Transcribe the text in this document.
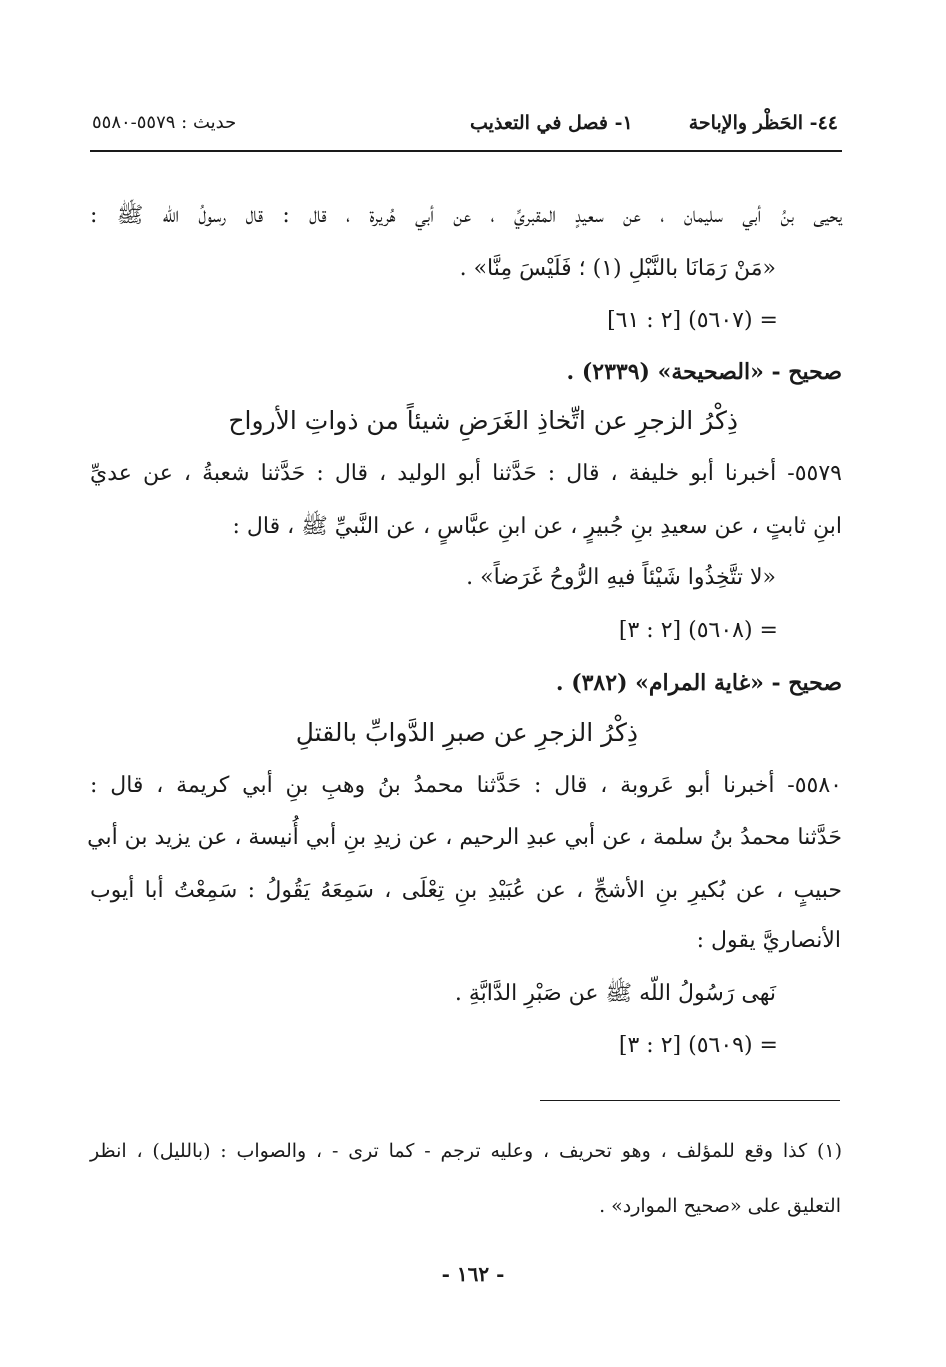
٤٤- الحَظْر والإباحة
١- فصل في التعذيب
حديث : ٥٥٧٩-٥٥٨٠
يحيى بنُ أبي سليمان ، عن سعيدٍ المقبريِّ ، عن أبي هُريرة ، قال : قال رسولُ اللّه ﷺ :
«مَنْ رَمَانَا بالنَّبْلِ (١) ؛ فَلَيْسَ مِنَّا» .
= (٥٦٠٧) [٢ : ٦١]
صحيح - «الصحيحة» (٢٣٣٩) .
ذِكْرُ الزجرِ عن اتِّخاذِ الغَرَضِ شيئاً من ذواتِ الأرواح
٥٥٧٩- أخبرنا أبو خليفة ، قال : حَدَّثنا أبو الوليد ، قال : حَدَّثنا شعبةُ ، عن عديِّ
ابنِ ثابتٍ ، عن سعيدِ بنِ جُبيرٍ ، عن ابنِ عبَّاسٍ ، عن النَّبيِّ ﷺ ، قال :
«لا تتَّخِذُوا شَيْئاً فيهِ الرُّوحُ غَرَضاً» .
= (٥٦٠٨) [٢ : ٣]
صحيح - «غاية المرام» (٣٨٢) .
ذِكْرُ الزجرِ عن صبرِ الدَّوابِّ بالقتلِ
٥٥٨٠- أخبرنا أبو عَروبة ، قال : حَدَّثنا محمدُ بنُ وهبِ بنِ أبي كريمة ، قال :
حَدَّثنا محمدُ بنُ سلمة ، عن أبي عبدِ الرحيم ، عن زيدِ بنِ أبي أُنيسة ، عن يزيد بن أبي
حبيبٍ ، عن بُكيرِ بنِ الأشجِّ ، عن عُبَيْدِ بنِ تِعْلَى ، سَمِعَهُ يَقُولُ : سَمِعْتُ أبا أيوب
الأنصاريَّ يقول :
نَهى رَسُولُ اللّه ﷺ عن صَبْرِ الدَّابَّةِ .
= (٥٦٠٩) [٢ : ٣]
(١) كذا وقع للمؤلف ، وهو تحريف ، وعليه ترجم - كما ترى - ، والصواب : (بالليل) ، انظر
التعليق على «صحيح الموارد» .
- ١٦٢ -
